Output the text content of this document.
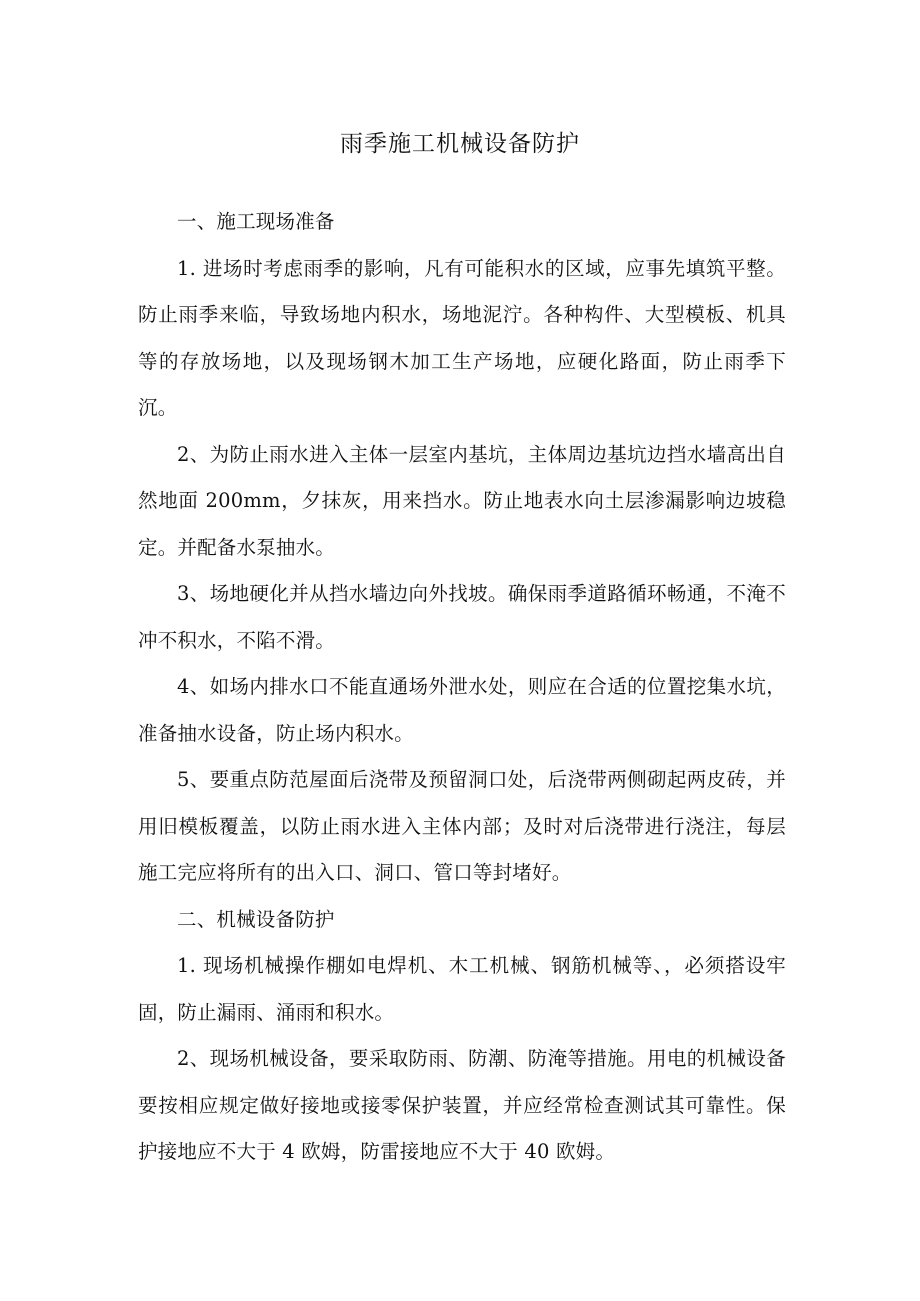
雨季施工机械设备防护

一、施工现场准备

1. 进场时考虑雨季的影响，凡有可能积水的区域，应事先填筑平整。防止雨季来临，导致场地内积水，场地泥泞。各种构件、大型模板、机具等的存放场地，以及现场钢木加工生产场地，应硬化路面，防止雨季下沉。

2、为防止雨水进入主体一层室内基坑，主体周边基坑边挡水墙高出自然地面 200mm，夕抹灰，用来挡水。防止地表水向土层渗漏影响边坡稳定。并配备水泵抽水。

3、场地硬化并从挡水墙边向外找坡。确保雨季道路循环畅通，不淹不冲不积水，不陷不滑。

4、如场内排水口不能直通场外泄水处，则应在合适的位置挖集水坑，准备抽水设备，防止场内积水。

5、要重点防范屋面后浇带及预留洞口处，后浇带两侧砌起两皮砖，并用旧模板覆盖，以防止雨水进入主体内部；及时对后浇带进行浇注，每层施工完应将所有的出入口、洞口、管口等封堵好。

二、机械设备防护

1. 现场机械操作棚如电焊机、木工机械、钢筋机械等、，必须搭设牢固，防止漏雨、涌雨和积水。

2、现场机械设备，要采取防雨、防潮、防淹等措施。用电的机械设备要按相应规定做好接地或接零保护装置，并应经常检查测试其可靠性。保护接地应不大于 4 欧姆，防雷接地应不大于 40 欧姆。
